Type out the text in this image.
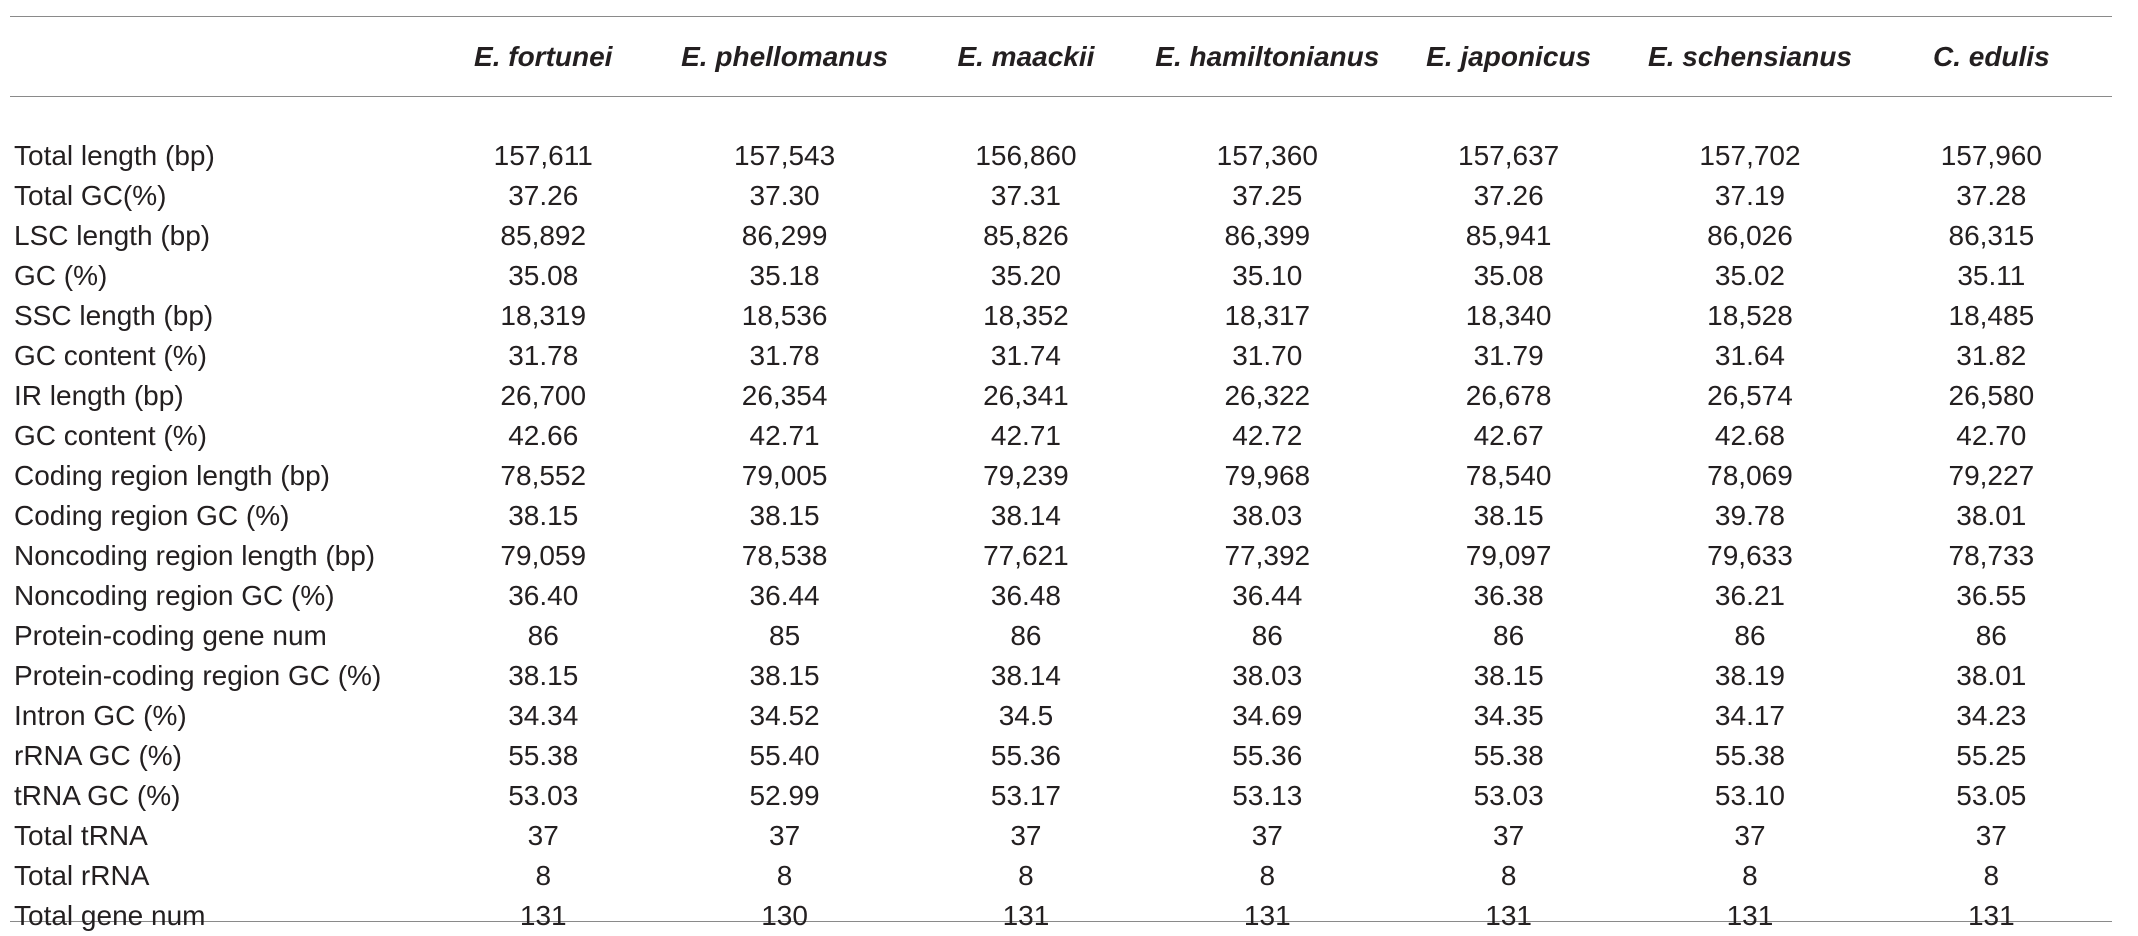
	E. fortunei	E. phellomanus	E. maackii	E. hamiltonianus	E. japonicus	E. schensianus	C. edulis

Total length (bp)	157,611	157,543	156,860	157,360	157,637	157,702	157,960
Total GC(%)	37.26	37.30	37.31	37.25	37.26	37.19	37.28
LSC length (bp)	85,892	86,299	85,826	86,399	85,941	86,026	86,315
GC (%)	35.08	35.18	35.20	35.10	35.08	35.02	35.11
SSC length (bp)	18,319	18,536	18,352	18,317	18,340	18,528	18,485
GC content (%)	31.78	31.78	31.74	31.70	31.79	31.64	31.82
IR length (bp)	26,700	26,354	26,341	26,322	26,678	26,574	26,580
GC content (%)	42.66	42.71	42.71	42.72	42.67	42.68	42.70
Coding region length (bp)	78,552	79,005	79,239	79,968	78,540	78,069	79,227
Coding region GC (%)	38.15	38.15	38.14	38.03	38.15	39.78	38.01
Noncoding region length (bp)	79,059	78,538	77,621	77,392	79,097	79,633	78,733
Noncoding region GC (%)	36.40	36.44	36.48	36.44	36.38	36.21	36.55
Protein-coding gene num	86	85	86	86	86	86	86
Protein-coding region GC (%)	38.15	38.15	38.14	38.03	38.15	38.19	38.01
Intron GC (%)	34.34	34.52	34.5	34.69	34.35	34.17	34.23
rRNA GC (%)	55.38	55.40	55.36	55.36	55.38	55.38	55.25
tRNA GC (%)	53.03	52.99	53.17	53.13	53.03	53.10	53.05
Total tRNA	37	37	37	37	37	37	37
Total rRNA	8	8	8	8	8	8	8
Total gene num	131	130	131	131	131	131	131
